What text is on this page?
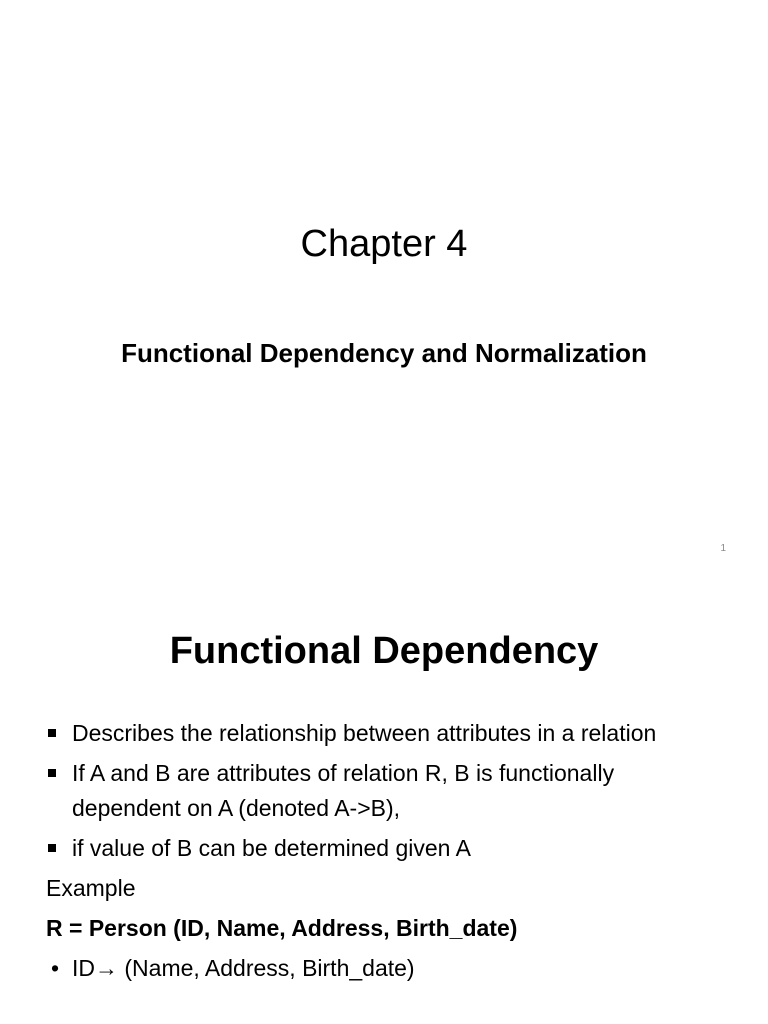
Chapter 4
Functional Dependency and Normalization
1
Functional Dependency
Describes the relationship between attributes in a relation
If A and B are attributes of relation R, B is functionally dependent on A (denoted A->B),
if value of B can be determined given A
Example
R = Person (ID, Name, Address, Birth_date)
• ID→ (Name, Address, Birth_date)
